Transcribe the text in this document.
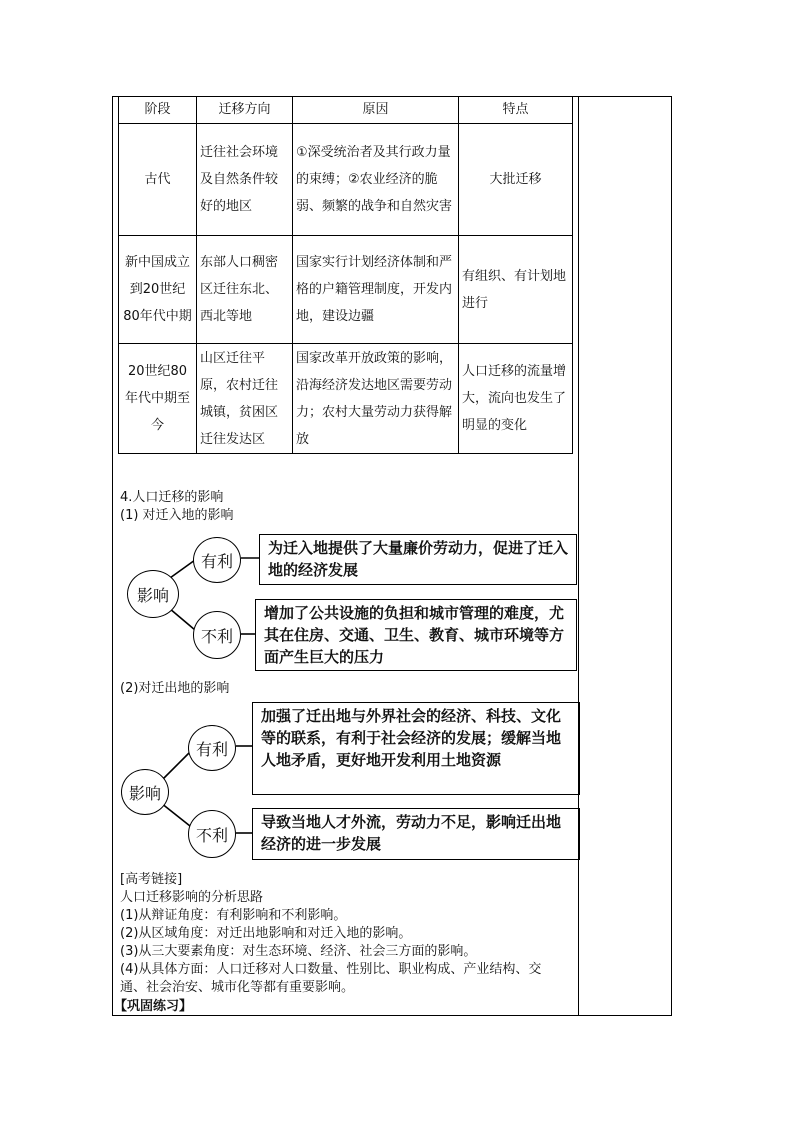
阶段	迁移方向	原因	特点
古代	迁往社会环境及自然条件较好的地区	①深受统治者及其行政力量的束缚；②农业经济的脆弱、频繁的战争和自然灾害	大批迁移
新中国成立到20世纪80年代中期	东部人口稠密区迁往东北、西北等地	国家实行计划经济体制和严格的户籍管理制度，开发内地，建设边疆	有组织、有计划地进行
20世纪80年代中期至今	山区迁往平原，农村迁往城镇，贫困区迁往发达区	国家改革开放政策的影响，沿海经济发达地区需要劳动力；农村大量劳动力获得解放	人口迁移的流量增大，流向也发生了明显的变化
4.人口迁移的影响
(1) 对迁入地的影响
影响
有利
不利
为迁入地提供了大量廉价劳动力，促进了迁入地的经济发展
增加了公共设施的负担和城市管理的难度，尤其在住房、交通、卫生、教育、城市环境等方面产生巨大的压力
(2)对迁出地的影响
影响
有利
不利
加强了迁出地与外界社会的经济、科技、文化等的联系，有利于社会经济的发展；缓解当地人地矛盾，更好地开发利用土地资源
导致当地人才外流，劳动力不足，影响迁出地经济的进一步发展
[高考链接]
人口迁移影响的分析思路
(1)从辩证角度：有利影响和不利影响。
(2)从区域角度：对迁出地影响和对迁入地的影响。
(3)从三大要素角度：对生态环境、经济、社会三方面的影响。
(4)从具体方面：人口迁移对人口数量、性别比、职业构成、产业结构、交
通、社会治安、城市化等都有重要影响。
【巩固练习】
